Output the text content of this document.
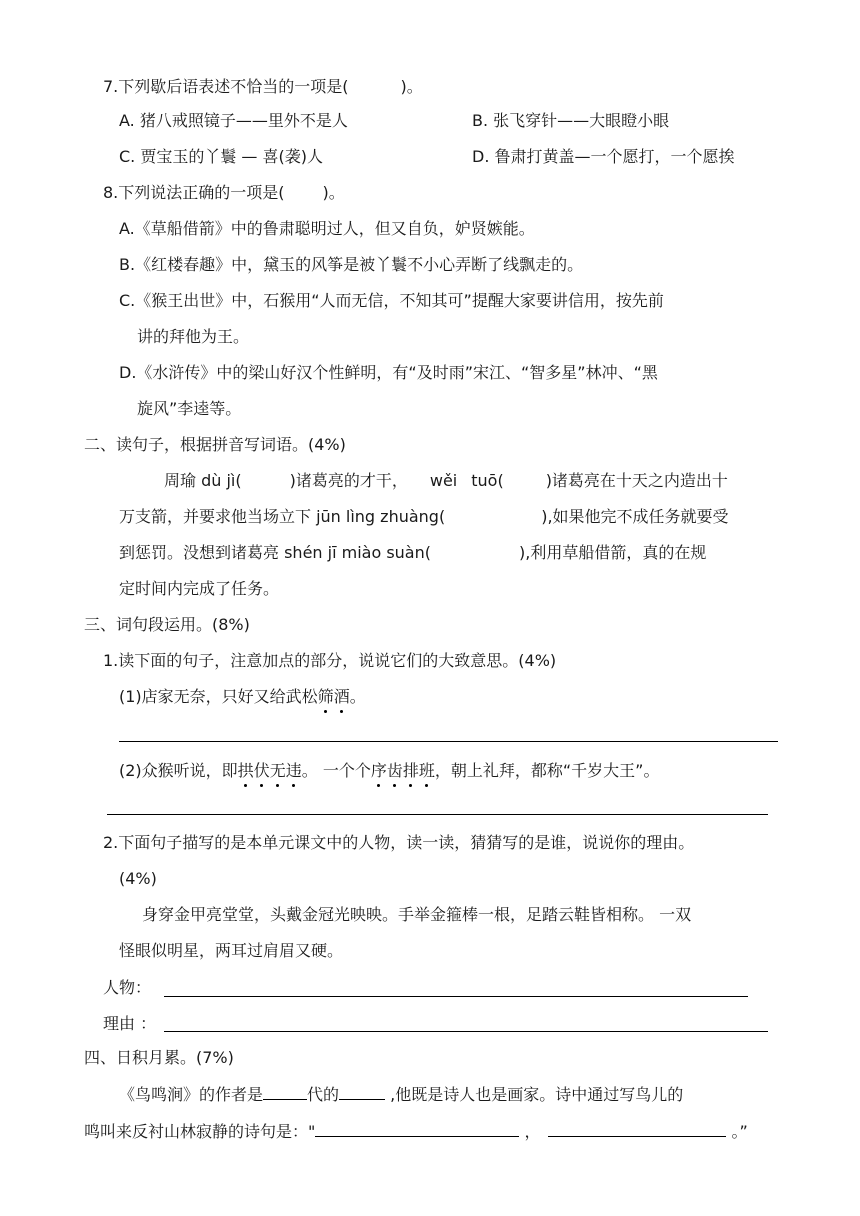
7.下列歇后语表述不恰当的一项是(	)。
A. 猪八戒照镜子——里外不是人	B. 张飞穿针——大眼瞪小眼
C. 贾宝玉的丫鬟 — 喜(袭)人	D. 鲁肃打黄盖—一个愿打，一个愿挨
8.下列说法正确的一项是( )。
A.《草船借箭》中的鲁肃聪明过人，但又自负，妒贤嫉能。
B.《红楼春趣》中，黛玉的风筝是被丫鬟不小心弄断了线飘走的。
C.《猴王出世》中，石猴用“人而无信，不知其可”提醒大家要讲信用，按先前
讲的拜他为王。
D.《水浒传》中的梁山好汉个性鲜明，有“及时雨”宋江、“智多星”林冲、“黑
旋风”李逵等。
二、读句子，根据拼音写词语。(4%)
周瑜 dù jì(	)诸葛亮的才干， wěi tuō(	)诸葛亮在十天之内造出十
万支箭，并要求他当场立下 jūn lìng zhuàng(	),如果他完不成任务就要受
到惩罚。没想到诸葛亮 shén jī miào suàn(	),利用草船借箭，真的在规
定时间内完成了任务。
三、词句段运用。(8%)
1.读下面的句子，注意加点的部分，说说它们的大致意思。(4%)
(1)店家无奈，只好又给武松筛酒。
(2)众猴听说，即拱伏无违。 一个个序齿排班，朝上礼拜，都称“千岁大王”。
2.下面句子描写的是本单元课文中的人物，读一读，猜猜写的是谁，说说你的理由。
(4%)
身穿金甲亮堂堂，头戴金冠光映映。手举金箍棒一根，足踏云鞋皆相称。 一双
怪眼似明星，两耳过肩眉又硬。
人物：
理由 ：
四、日积月累。(7%)
《鸟鸣涧》的作者是	代的	,他既是诗人也是画家。诗中通过写鸟儿的
鸣叫来反衬山林寂静的诗句是："	，	。”
